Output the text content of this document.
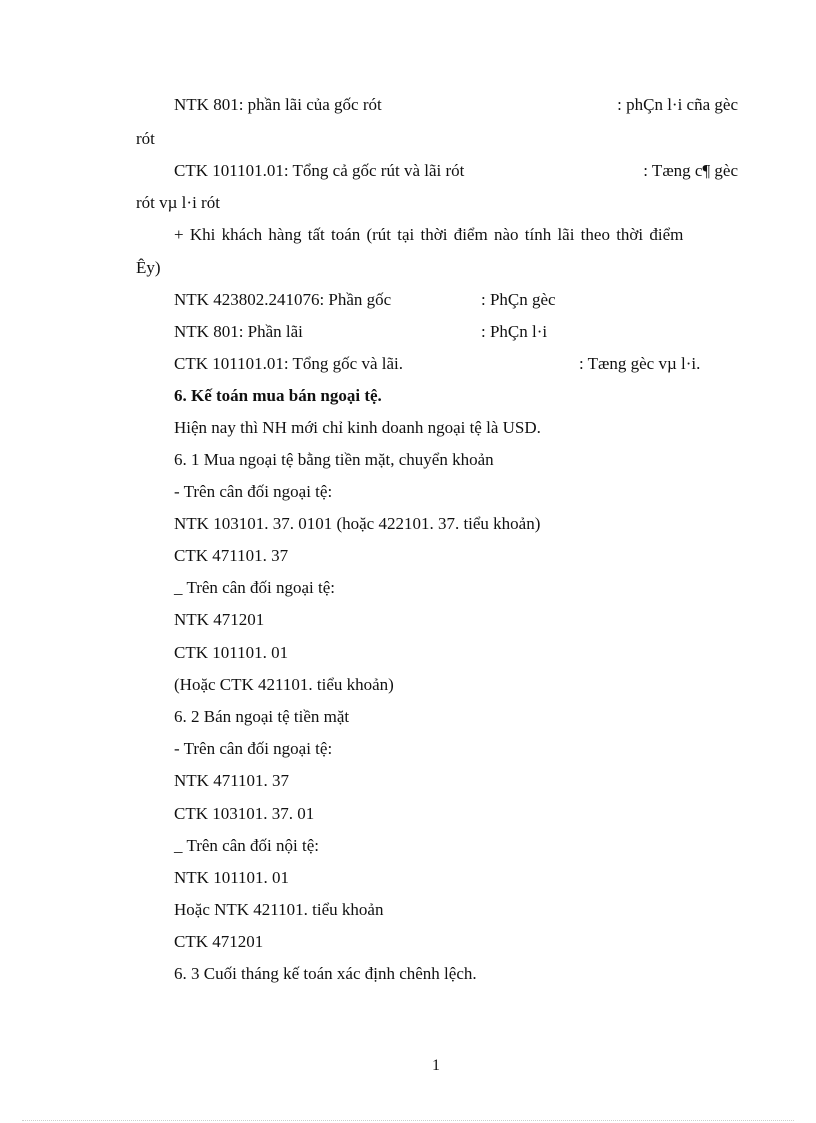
NTK 801: phần lãi của gốc rót	: phÇn l·i cña gèc
rót
CTK 101101.01: Tổng cả gốc rút và lãi rót	: Tæng c¶ gèc
rót vµ l·i rót
+ Khi khách hàng tất toán (rút tại thời điểm nào tính lãi theo thời điểm
Êy)
NTK 423802.241076: Phần gốc	: PhÇn gèc
NTK 801: Phần lãi	: PhÇn l·i
CTK 101101.01: Tổng gốc và lãi.	: Tæng gèc vµ l·i.
6. Kế toán mua bán ngoại tệ.
Hiện nay thì NH mới chỉ kinh doanh ngoại tệ là USD.
6. 1 Mua ngoại tệ bằng tiền mặt, chuyển khoản
- Trên cân đối ngoại tệ:
NTK 103101. 37. 0101 (hoặc 422101. 37. tiểu khoản)
CTK 471101. 37
_ Trên cân đối ngoại tệ:
NTK 471201
CTK 101101. 01
(Hoặc CTK 421101. tiểu khoản)
6. 2 Bán ngoại tệ tiền mặt
- Trên cân đối ngoại tệ:
NTK 471101. 37
CTK 103101. 37. 01
_ Trên cân đối nội tệ:
NTK 101101. 01
Hoặc NTK 421101. tiểu khoản
CTK 471201
6. 3 Cuối tháng kế toán xác định chênh lệch.
1
